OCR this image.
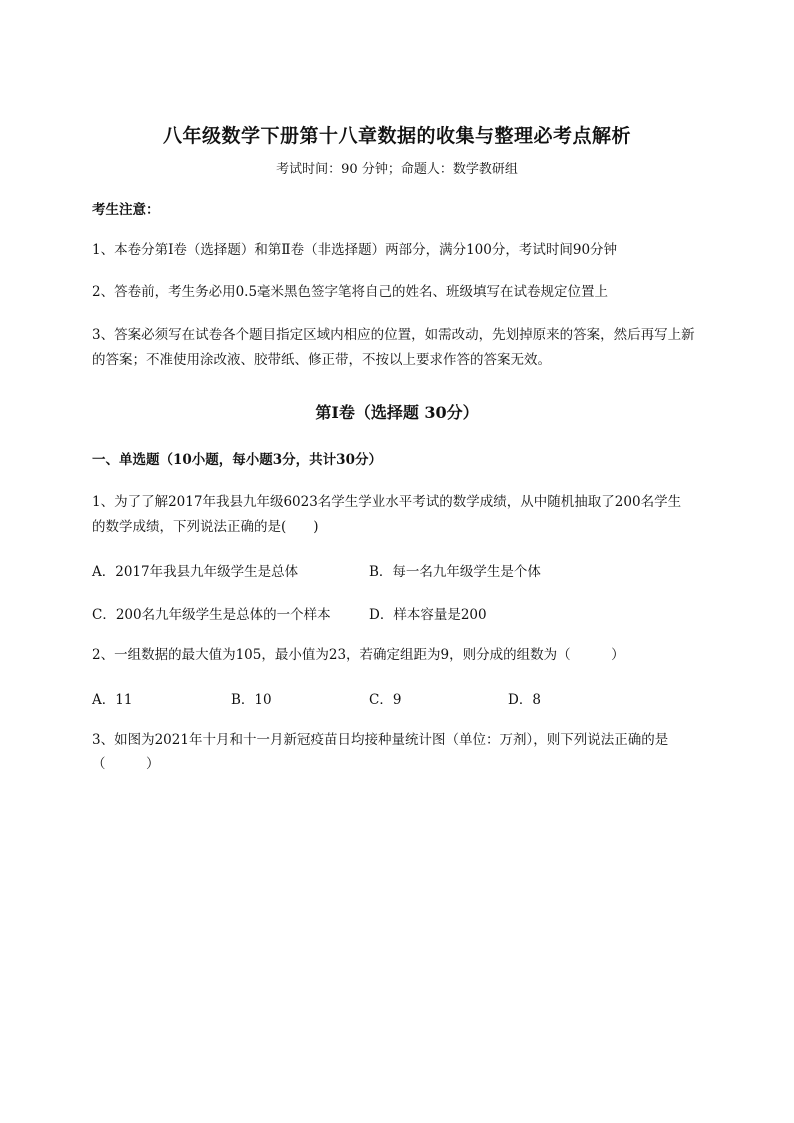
八年级数学下册第十八章数据的收集与整理必考点解析
考试时间：90 分钟；命题人：数学教研组
考生注意：
1、本卷分第I卷（选择题）和第Ⅱ卷（非选择题）两部分，满分100分，考试时间90分钟
2、答卷前，考生务必用0.5毫米黑色签字笔将自己的姓名、班级填写在试卷规定位置上
3、答案必须写在试卷各个题目指定区域内相应的位置，如需改动，先划掉原来的答案，然后再写上新
的答案；不准使用涂改液、胶带纸、修正带，不按以上要求作答的答案无效。
第I卷（选择题 30分）
一、单选题（10小题，每小题3分，共计30分）
1、为了了解2017年我县九年级6023名学生学业水平考试的数学成绩，从中随机抽取了200名学生
的数学成绩，下列说法正确的是(　　)
A．2017年我县九年级学生是总体	B．每一名九年级学生是个体
C．200名九年级学生是总体的一个样本	D．样本容量是200
2、一组数据的最大值为105，最小值为23，若确定组距为9，则分成的组数为（　　　）
A．11	B．10	C．9	D．8
3、如图为2021年十月和十一月新冠疫苗日均接种量统计图（单位：万剂），则下列说法正确的是
（　　　）
